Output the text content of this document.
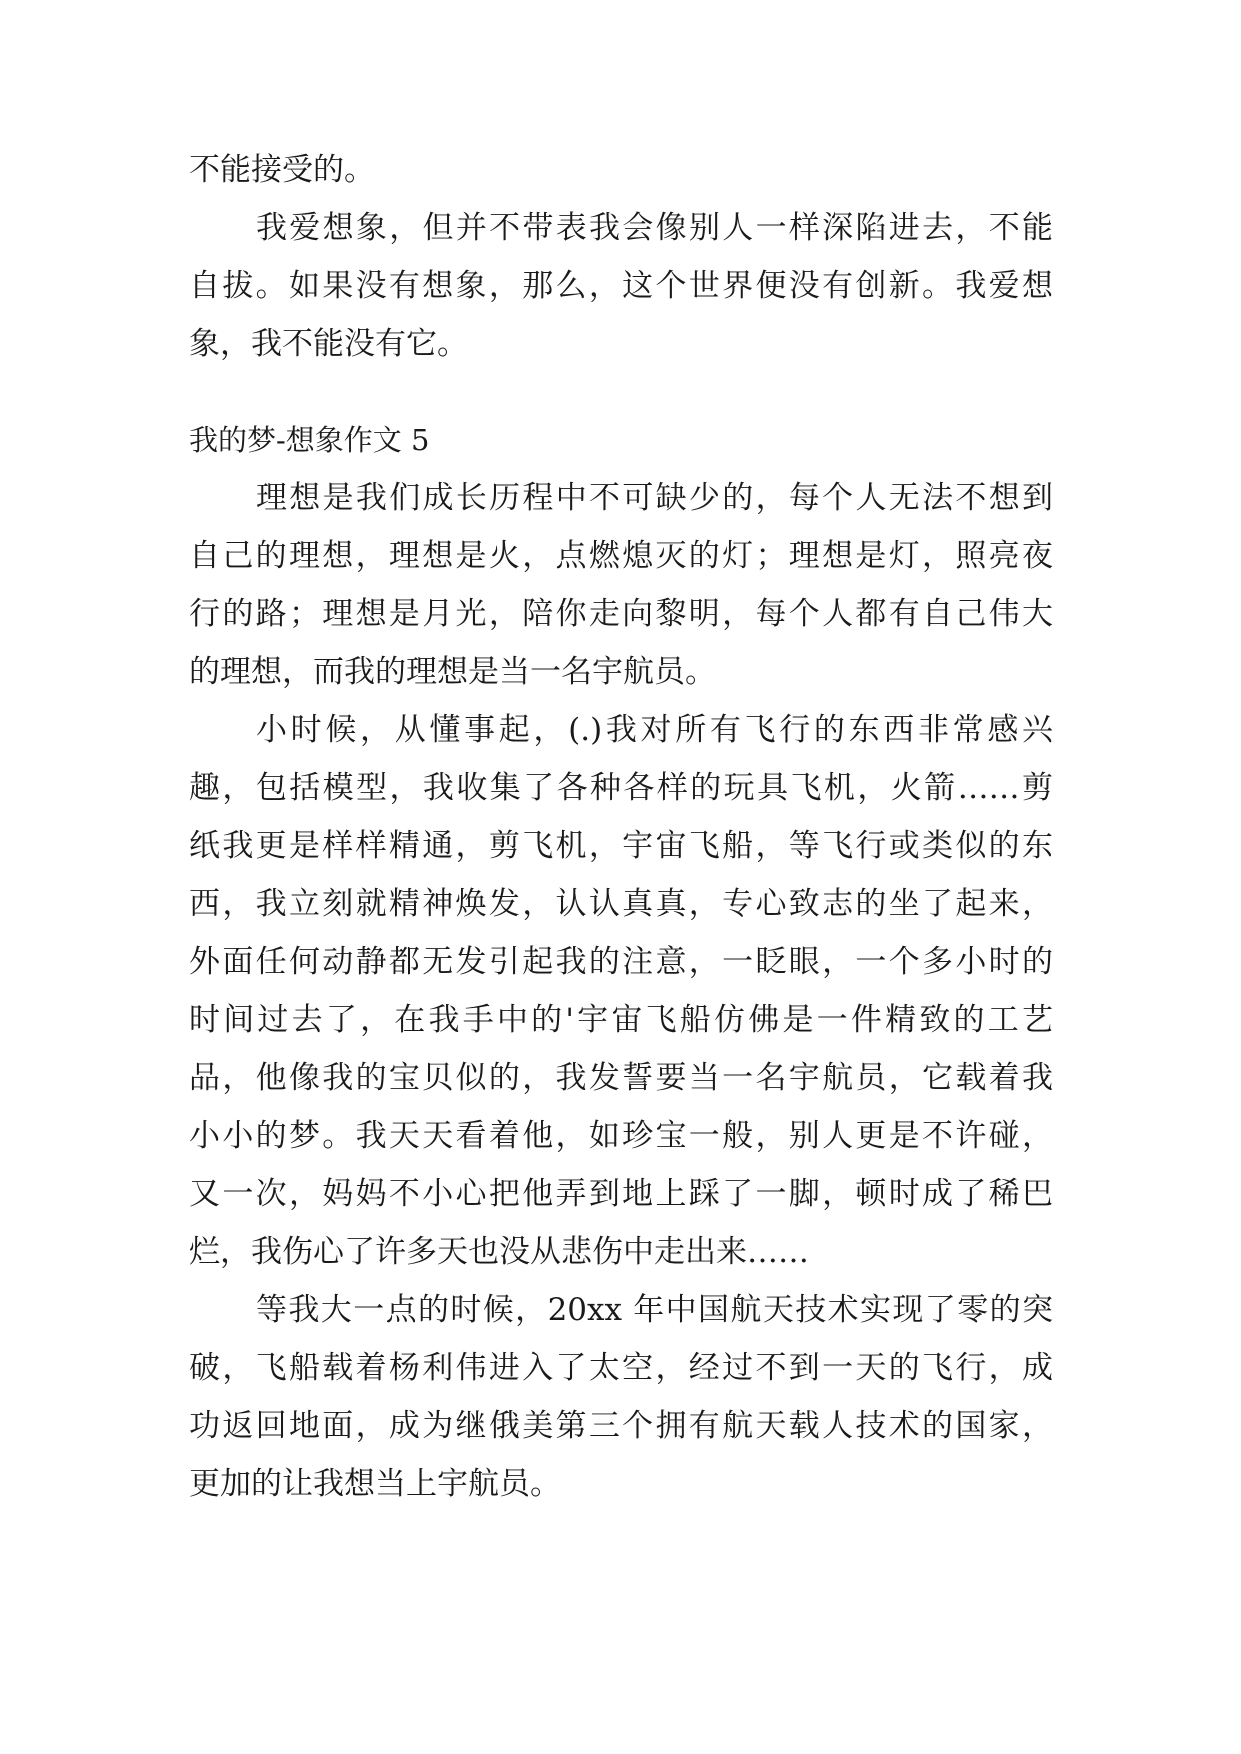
不能接受的。
我爱想象，但并不带表我会像别人一样深陷进去，不能
自拔。如果没有想象，那么，这个世界便没有创新。我爱想
象，我不能没有它。
我的梦-想象作文 5
理想是我们成长历程中不可缺少的，每个人无法不想到
自己的理想，理想是火，点燃熄灭的灯；理想是灯，照亮夜
行的路；理想是月光，陪你走向黎明，每个人都有自己伟大
的理想，而我的理想是当一名宇航员。
小时候，从懂事起，(.)我对所有飞行的东西非常感兴
趣，包括模型，我收集了各种各样的玩具飞机，火箭……剪
纸我更是样样精通，剪飞机，宇宙飞船，等飞行或类似的东
西，我立刻就精神焕发，认认真真，专心致志的坐了起来，
外面任何动静都无发引起我的注意，一眨眼，一个多小时的
时间过去了，在我手中的'宇宙飞船仿佛是一件精致的工艺
品，他像我的宝贝似的，我发誓要当一名宇航员，它载着我
小小的梦。我天天看着他，如珍宝一般，别人更是不许碰，
又一次，妈妈不小心把他弄到地上踩了一脚，顿时成了稀巴
烂，我伤心了许多天也没从悲伤中走出来……
等我大一点的时候，20xx 年中国航天技术实现了零的突
破，飞船载着杨利伟进入了太空，经过不到一天的飞行，成
功返回地面，成为继俄美第三个拥有航天载人技术的国家，
更加的让我想当上宇航员。
